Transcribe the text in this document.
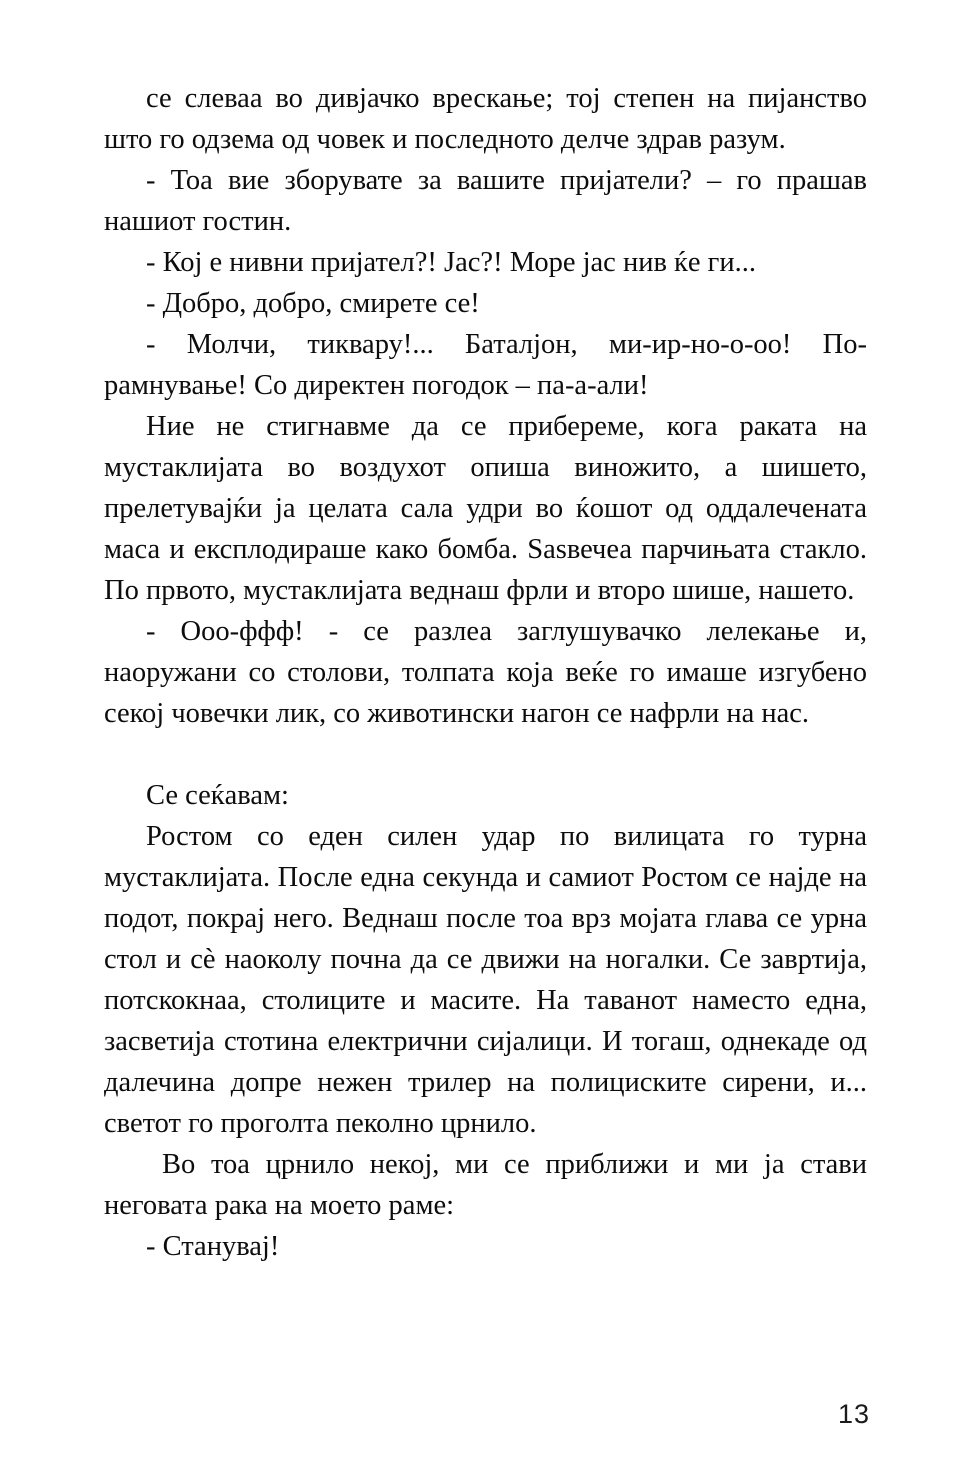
се слеваа во дивјачко врескање; тој степен на пијанство што го одзема од човек и последното делче здрав разум.

- Тоа вие зборувате за вашите пријатели? – го прашав нашиот гостин.

- Кој е нивни пријател?! Јас?! Море јас нив ќе ги...

- Добро, добро, смирете се!

- Молчи, тиквару!... Баталјон, ми-ир-но-о-оо! По-рамнување! Со директен погодок – па-а-али!

Ние не стигнавме да се прибереме, кога раката на мустаклијата во воздухот опиша виножито, а шишето, прелетувајќи ја целата сала удри во ќошот од оддалечената маса и експлодираше како бомба. Ѕаѕвечеа парчињата стакло. По првото, мустаклијата веднаш фрли и второ шише, нашето.

- Ооо-ффф! - се разлеа заглушувачко лелекање и, наоружани со столови, толпата која веќе го имаше изгубено секој човечки лик, со животински нагон се нафрли на нас.

Се сеќавам:

Ростом со еден силен удар по вилицата го турна мустаклијата. После една секунда и самиот Ростом се најде на подот, покрај него. Веднаш после тоа врз мојата глава се урна стол и сѐ наоколу почна да се движи на ногалки. Се завртија, потскокнаа, столиците и масите. На таванот наместо една, засветија стотина електрични сијалици. И тогаш, однекаде од далечина допре нежен трилер на полициските сирени, и... светот го проголта пеколно црнило.

Во тоа црнило некој, ми се приближи и ми ја стави неговата рака на моето раме:

- Станувај!

13
